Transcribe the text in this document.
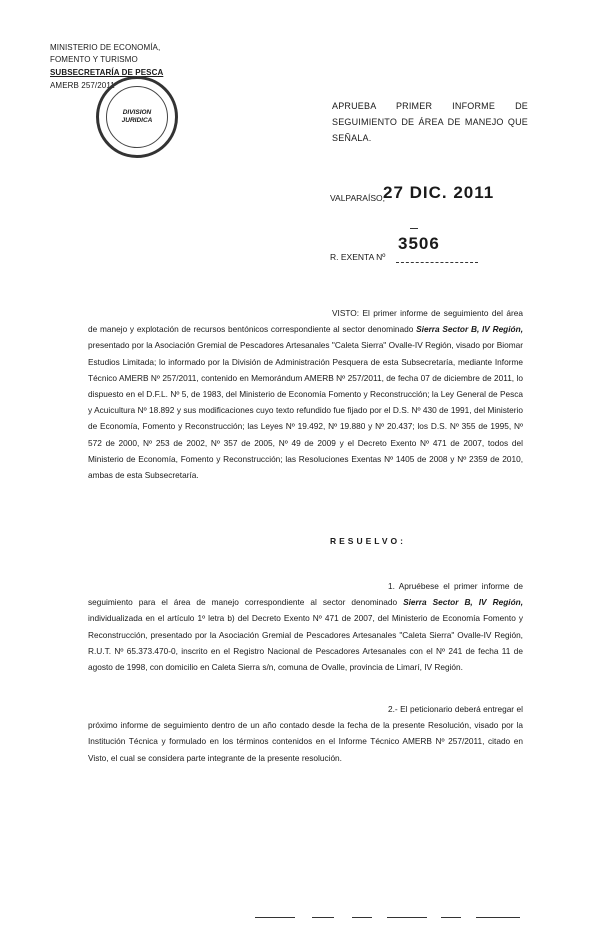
MINISTERIO DE ECONOMÍA,
FOMENTO Y TURISMO
SUBSECRETARÍA DE PESCA
AMERB 257/2011
DIVISION
JURIDICA
APRUEBA PRIMER INFORME DE SEGUIMIENTO DE ÁREA DE MANEJO QUE SEÑALA.
VALPARAÍSO,
27 DIC. 2011
3506
R. EXENTA Nº
VISTO: El primer informe de seguimiento del área de manejo y explotación de recursos bentónicos correspondiente al sector denominado Sierra Sector B, IV Región, presentado por la Asociación Gremial de Pescadores Artesanales "Caleta Sierra" Ovalle-IV Región, visado por Biomar Estudios Limitada; lo informado por la División de Administración Pesquera de esta Subsecretaría, mediante Informe Técnico AMERB Nº 257/2011, contenido en Memorándum AMERB Nº 257/2011, de fecha 07 de diciembre de 2011, lo dispuesto en el D.F.L. Nº 5, de 1983, del Ministerio de Economía Fomento y Reconstrucción; la Ley General de Pesca y Acuicultura Nº 18.892 y sus modificaciones cuyo texto refundido fue fijado por el D.S. Nº 430 de 1991, del Ministerio de Economía, Fomento y Reconstrucción; las Leyes Nº 19.492, Nº 19.880 y Nº 20.437; los D.S. Nº 355 de 1995, Nº 572 de 2000, Nº 253 de 2002, Nº 357 de 2005, Nº 49 de 2009 y el Decreto Exento Nº 471 de 2007, todos del Ministerio de Economía, Fomento y Reconstrucción; las Resoluciones Exentas Nº 1405 de 2008 y Nº 2359 de 2010, ambas de esta Subsecretaría.
RESUELVO:
1. Apruébese el primer informe de seguimiento para el área de manejo correspondiente al sector denominado Sierra Sector B, IV Región, individualizada en el artículo 1º letra b) del Decreto Exento Nº 471 de 2007, del Ministerio de Economía Fomento y Reconstrucción, presentado por la Asociación Gremial de Pescadores Artesanales "Caleta Sierra" Ovalle-IV Región, R.U.T. Nº 65.373.470-0, inscrito en el Registro Nacional de Pescadores Artesanales con el Nº 241 de fecha 11 de agosto de 1998, con domicilio en Caleta Sierra s/n, comuna de Ovalle, provincia de Limarí, IV Región.
2.- El peticionario deberá entregar el próximo informe de seguimiento dentro de un año contado desde la fecha de la presente Resolución, visado por la Institución Técnica y formulado en los términos contenidos en el Informe Técnico AMERB Nº 257/2011, citado en Visto, el cual se considera parte integrante de la presente resolución.
